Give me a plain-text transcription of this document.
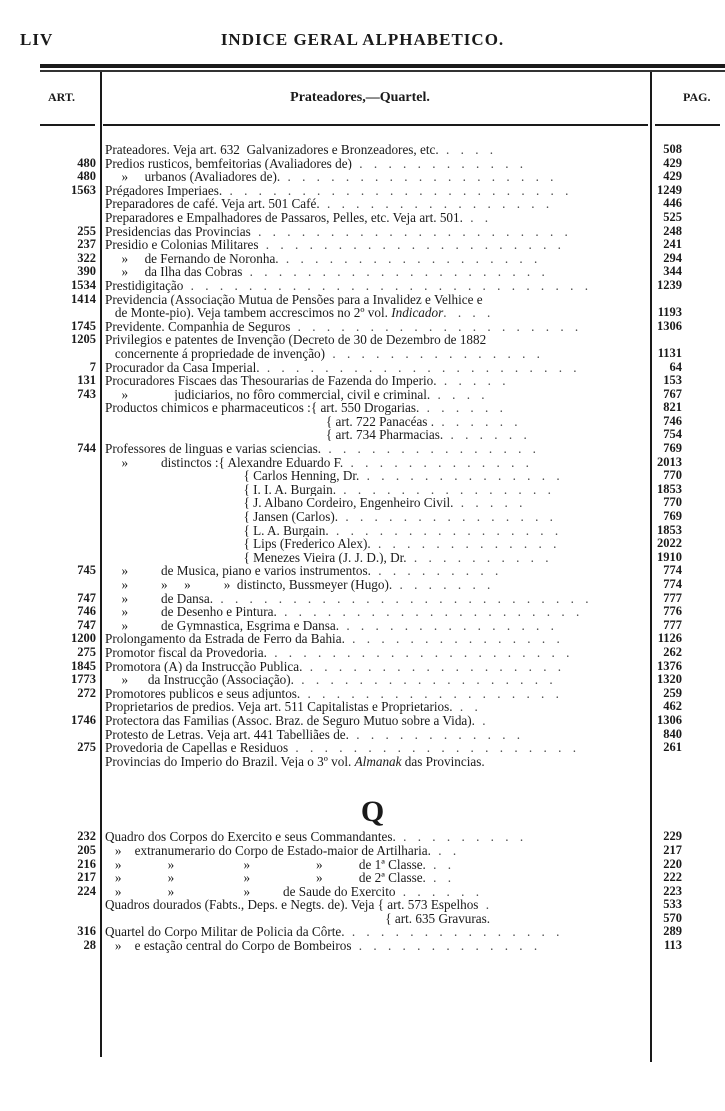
LIV	INDICE GERAL ALPHABETICO.
ART.	Prateadores,—Quartel.	PAG.
Prateadores. Veja art. 632  Galvanizadores e Bronzeadores, etc. . . . .	508
480 Predios rusticos, bemfeitorias (Avaliadores de) . . . . . . . . . . . .	429
480 »     urbanos (Avaliadores de). . . . . . . . . . . . . . . . . . . .	429
1563 Prégadores Imperiaes. . . . . . . . . . . . . . . . . . . . . . . . .	1249
Preparadores de café. Veja art. 501 Café. . . . . . . . . . . . . . . . .	446
Preparadores e Empalhadores de Passaros, Pelles, etc. Veja art. 501. . .	525
255 Presidencias das Provincias . . . . . . . . . . . . . . . . . . . . . .	248
237 Presidio e Colonias Militares . . . . . . . . . . . . . . . . . . . . .	241
322 »     de Fernando de Noronha. . . . . . . . . . . . . . . . . . .	294
390 »     da Ilha das Cobras . . . . . . . . . . . . . . . . . . . . .	344
1534 Prestidigitação . . . . . . . . . . . . . . . . . . . . . . . . . . . .	1239
1414 Previdencia (Associação Mutua de Pensões para a Invalidez e Velhice e
de Monte-pio). Veja tambem accrescimos no 2º vol. Indicador. . . .	1193
1745 Previdente. Companhia de Seguros . . . . . . . . . . . . . . . . . . . .	1306
1205 Privilegios e patentes de Invenção (Decreto de 30 de Dezembro de 1882
concernente á propriedade de invenção) . . . . . . . . . . . . . . .	1131
7 Procurador da Casa Imperial. . . . . . . . . . . . . . . . . . . . . . .	64
131 Procuradores Fiscaes das Thesourarias de Fazenda do Imperio. . . . . .	153
743 »              judiciarios, no fôro commercial, civil e criminal. . . . .	767
Productos chimicos e pharmaceuticos :{ art. 550 Drogarias. . . . . . .	821
{ art. 722 Panacéas . . . . . . .	746
{ art. 734 Pharmacias. . . . . . .	754
744 Professores de linguas e varias sciencias. . . . . . . . . . . . . . . .	769
»          distinctos :{ Alexandre Eduardo F. . . . . . . . . . . . . .	2013
{ Carlos Henning, Dr. . . . . . . . . . . . . . .	770
{ I. I. A. Burgain. . . . . . . . . . . . . . . .	1853
{ J. Albano Cordeiro, Engenheiro Civil. . . . . .	770
{ Jansen (Carlos). . . . . . . . . . . . . . . .	769
{ L. A. Burgain. . . . . . . . . . . . . . . . .	1853
{ Lips (Frederico Alex). . . . . . . . . . . . . .	2022
{ Menezes Vieira (J. J. D.), Dr. . . . . . . . . . .	1910
745 »          de Musica, piano e varios instrumentos. . . . . . . . . .	774
»          »     »          »  distincto, Bussmeyer (Hugo). . . . . . . .	774
747 »          de Dansa. . . . . . . . . . . . . . . . . . . . . . . . . . .	777
746 »          de Desenho e Pintura. . . . . . . . . . . . . . . . . . . . . .	776
747 »          de Gymnastica, Esgrima e Dansa. . . . . . . . . . . . . . . .	777
1200 Prolongamento da Estrada de Ferro da Bahia. . . . . . . . . . . . . . . .	1126
275 Promotor fiscal da Provedoria. . . . . . . . . . . . . . . . . . . . . .	262
1845 Promotora (A) da Instrucção Publica. . . . . . . . . . . . . . . . . . .	1376
1773 »      da Instrucção (Associação). . . . . . . . . . . . . . . . . . .	1320
272 Promotores publicos e seus adjuntos. . . . . . . . . . . . . . . . . . .	259
Proprietarios de predios. Veja art. 511 Capitalistas e Proprietarios. . .	462
1746 Protectora das Familias (Assoc. Braz. de Seguro Mutuo sobre a Vida). .	1306
Protesto de Letras. Veja art. 441 Tabelliães de. . . . . . . . . . . . .	840
275 Provedoria de Capellas e Residuos . . . . . . . . . . . . . . . . . . . .	261
Provincias do Imperio do Brazil. Veja o 3º vol. Almanak das Provincias.
Q
232 Quadro dos Corpos do Exercito e seus Commandantes. . . . . . . . . .	229
205 »    extranumerario do Corpo de Estado-maior de Artilharia. . .	217
216 »              »                     »                    »           de 1ª Classe. . .	220
217 »              »                     »                    »           de 2ª Classe. . .	222
224 »              »                     »          de Saude do Exercito . . . . . .	223
Quadros dourados (Fabts., Deps. e Negts. de). Veja { art. 573 Espelhos .	533
{ art. 635 Gravuras.	570
316 Quartel do Corpo Militar de Policia da Côrte. . . . . . . . . . . . . . . .	289
28 »    e estação central do Corpo de Bombeiros . . . . . . . . . . . . .	113
